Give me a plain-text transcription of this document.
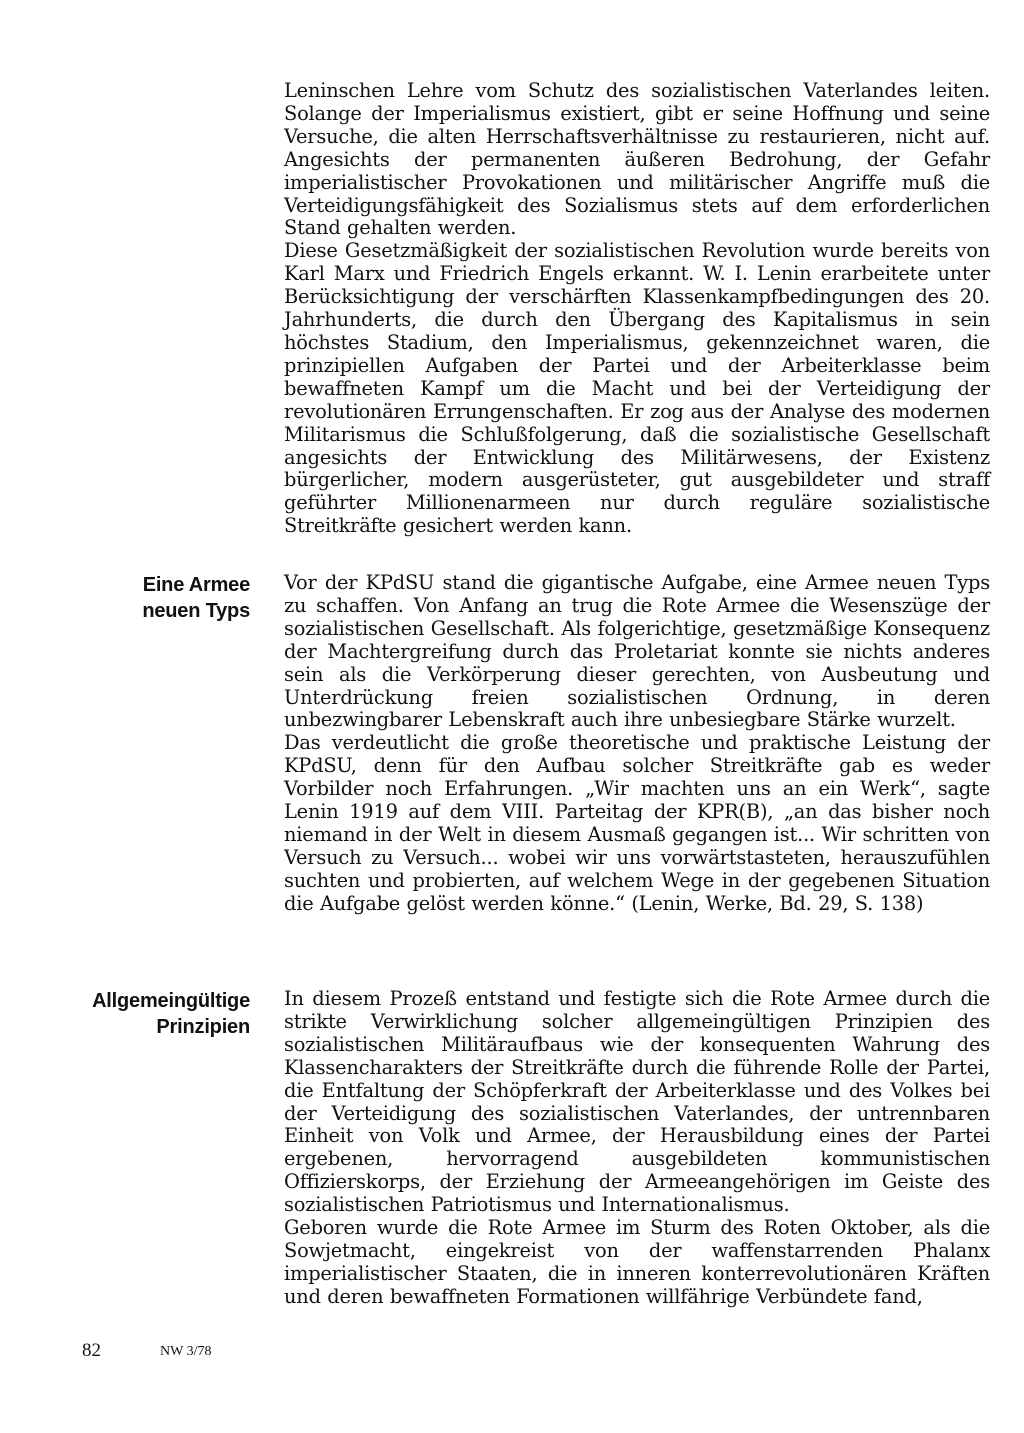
Leninschen Lehre vom Schutz des sozialistischen Vaterlandes leiten. Solange der Imperialismus existiert, gibt er seine Hoffnung und seine Versuche, die alten Herrschaftsverhältnisse zu restaurieren, nicht auf. Angesichts der permanenten äußeren Bedrohung, der Gefahr imperialistischer Provokationen und militärischer Angriffe muß die Verteidigungsfähigkeit des Sozialismus stets auf dem erforderlichen Stand gehalten werden.

Diese Gesetzmäßigkeit der sozialistischen Revolution wurde bereits von Karl Marx und Friedrich Engels erkannt. W. I. Lenin erarbeitete unter Berücksichtigung der verschärften Klassenkampfbedingungen des 20. Jahrhunderts, die durch den Übergang des Kapitalismus in sein höchstes Stadium, den Imperialismus, gekennzeichnet waren, die prinzipiellen Aufgaben der Partei und der Arbeiterklasse beim bewaffneten Kampf um die Macht und bei der Verteidigung der revolutionären Errungenschaften. Er zog aus der Analyse des modernen Militarismus die Schlußfolgerung, daß die sozialistische Gesellschaft angesichts der Entwicklung des Militärwesens, der Existenz bürgerlicher, modern ausgerüsteter, gut ausgebildeter und straff geführter Millionenarmeen nur durch reguläre sozialistische Streitkräfte gesichert werden kann.

Eine Armee
neuen Typs

Vor der KPdSU stand die gigantische Aufgabe, eine Armee neuen Typs zu schaffen. Von Anfang an trug die Rote Armee die Wesenszüge der sozialistischen Gesellschaft. Als folgerichtige, gesetzmäßige Konsequenz der Machtergreifung durch das Proletariat konnte sie nichts anderes sein als die Verkörperung dieser gerechten, von Ausbeutung und Unterdrückung freien sozialistischen Ordnung, in deren unbezwingbarer Lebenskraft auch ihre unbesiegbare Stärke wurzelt.

Das verdeutlicht die große theoretische und praktische Leistung der KPdSU, denn für den Aufbau solcher Streitkräfte gab es weder Vorbilder noch Erfahrungen. „Wir machten uns an ein Werk“, sagte Lenin 1919 auf dem VIII. Parteitag der KPR(B), „an das bisher noch niemand in der Welt in diesem Ausmaß gegangen ist... Wir schritten von Versuch zu Versuch... wobei wir uns vorwärtstasteten, herauszufühlen suchten und probierten, auf welchem Wege in der gegebenen Situation die Aufgabe gelöst werden könne.“ (Lenin, Werke, Bd. 29, S. 138)

Allgemeingültige
Prinzipien

In diesem Prozeß entstand und festigte sich die Rote Armee durch die strikte Verwirklichung solcher allgemeingültigen Prinzipien des sozialistischen Militäraufbaus wie der konsequenten Wahrung des Klassencharakters der Streitkräfte durch die führende Rolle der Partei, die Entfaltung der Schöpferkraft der Arbeiterklasse und des Volkes bei der Verteidigung des sozialistischen Vaterlandes, der untrennbaren Einheit von Volk und Armee, der Herausbildung eines der Partei ergebenen, hervorragend ausgebildeten kommunistischen Offizierskorps, der Erziehung der Armeeangehörigen im Geiste des sozialistischen Patriotismus und Internationalismus.

Geboren wurde die Rote Armee im Sturm des Roten Oktober, als die Sowjetmacht, eingekreist von der waffenstarrenden Phalanx imperialistischer Staaten, die in inneren konterrevolutionären Kräften und deren bewaffneten Formationen willfährige Verbündete fand,

82	NW 3/78
